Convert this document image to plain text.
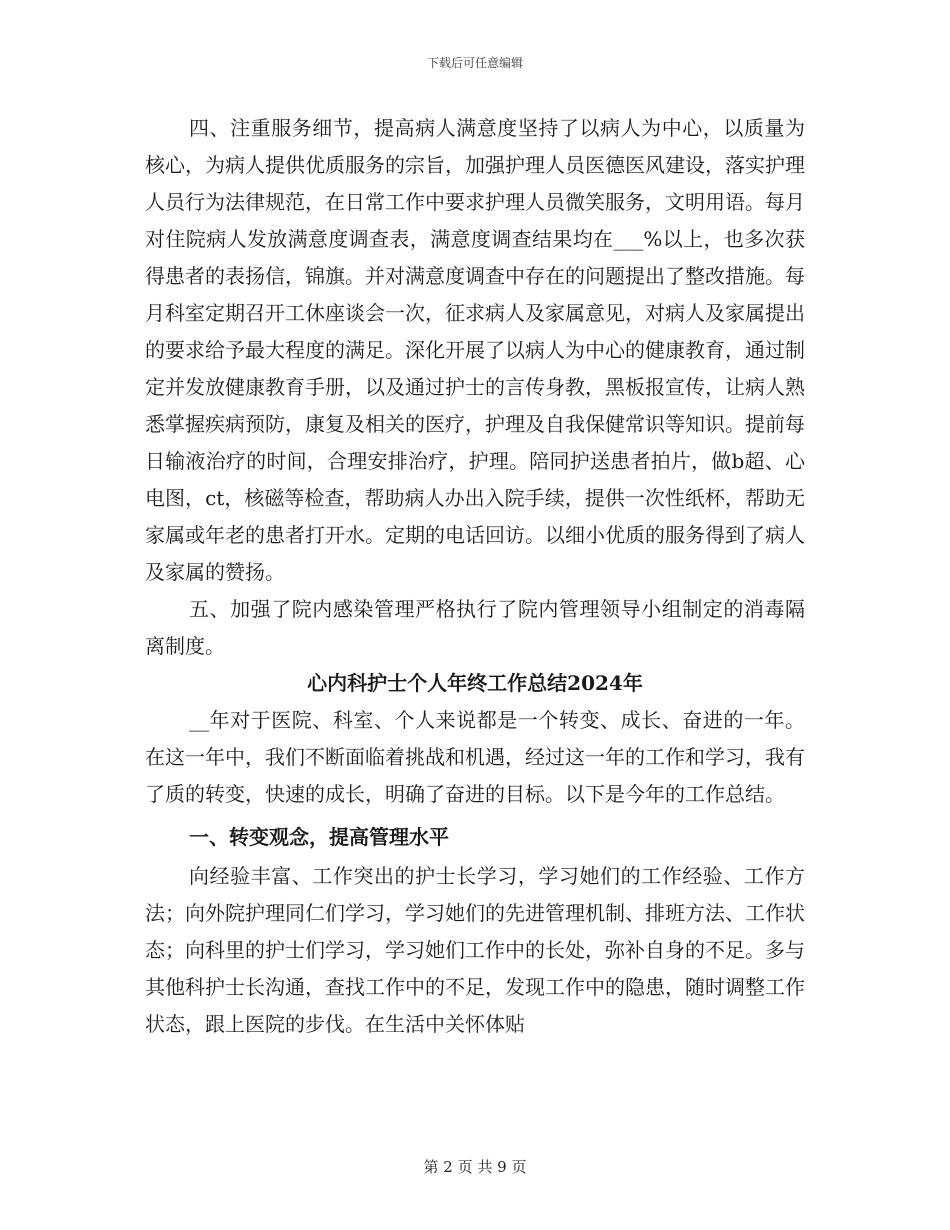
下载后可任意编辑

四、注重服务细节，提高病人满意度坚持了以病人为中心，以质量为核心，为病人提供优质服务的宗旨，加强护理人员医德医风建设，落实护理人员行为法律规范，在日常工作中要求护理人员微笑服务，文明用语。每月对住院病人发放满意度调查表，满意度调查结果均在___%以上，也多次获得患者的表扬信，锦旗。并对满意度调查中存在的问题提出了整改措施。每月科室定期召开工休座谈会一次，征求病人及家属意见，对病人及家属提出的要求给予最大程度的满足。深化开展了以病人为中心的健康教育，通过制定并发放健康教育手册，以及通过护士的言传身教，黑板报宣传，让病人熟悉掌握疾病预防，康复及相关的医疗，护理及自我保健常识等知识。提前每日输液治疗的时间，合理安排治疗，护理。陪同护送患者拍片，做b超、心电图，ct，核磁等检查，帮助病人办出入院手续，提供一次性纸杯，帮助无家属或年老的患者打开水。定期的电话回访。以细小优质的服务得到了病人及家属的赞扬。

五、加强了院内感染管理严格执行了院内管理领导小组制定的消毒隔离制度。

心内科护士个人年终工作总结2024年

__年对于医院、科室、个人来说都是一个转变、成长、奋进的一年。在这一年中，我们不断面临着挑战和机遇，经过这一年的工作和学习，我有了质的转变，快速的成长，明确了奋进的目标。以下是今年的工作总结。

一、转变观念，提高管理水平

向经验丰富、工作突出的护士长学习，学习她们的工作经验、工作方法；向外院护理同仁们学习，学习她们的先进管理机制、排班方法、工作状态；向科里的护士们学习，学习她们工作中的长处，弥补自身的不足。多与其他科护士长沟通，查找工作中的不足，发现工作中的隐患，随时调整工作状态，跟上医院的步伐。在生活中关怀体贴

第 2 页 共 9 页
